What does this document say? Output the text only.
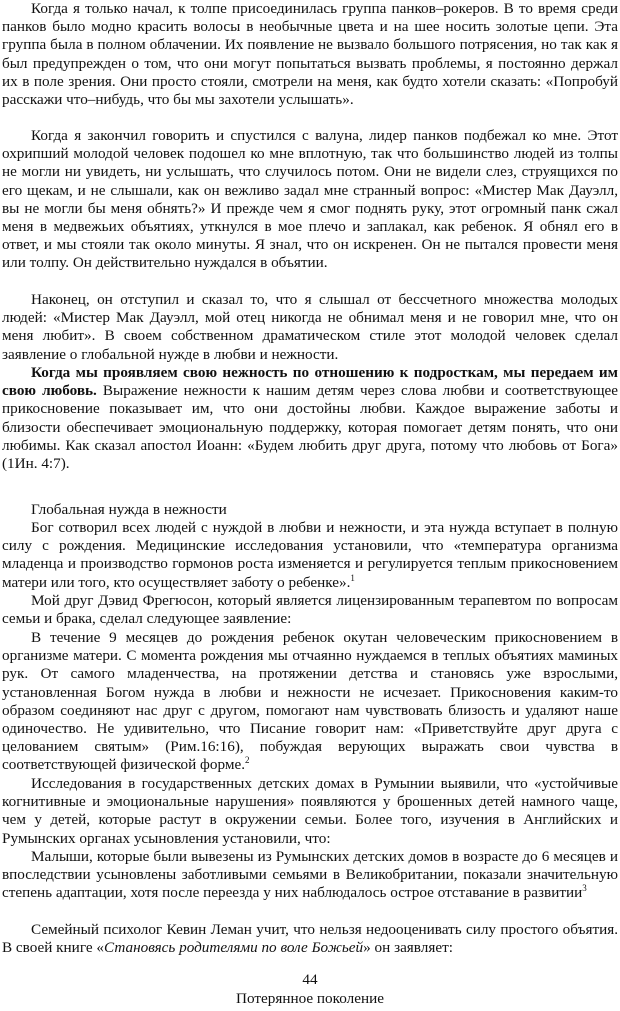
Когда я только начал, к толпе присоединилась группа панков–рокеров. В то время среди панков было модно красить волосы в необычные цвета и на шее носить золотые цепи. Эта группа была в полном облачении. Их появление не вызвало большого потрясения, но так как я был предупрежден о том, что они могут попытаться вызвать проблемы, я постоянно держал их в поле зрения. Они просто стояли, смотрели на меня, как будто хотели сказать: «Попробуй расскажи что–нибудь, что бы мы захотели услышать».

Когда я закончил говорить и спустился с валуна, лидер панков подбежал ко мне. Этот охрипший молодой человек подошел ко мне вплотную, так что большинство людей из толпы не могли ни увидеть, ни услышать, что случилось потом. Они не видели слез, струящихся по его щекам, и не слышали, как он вежливо задал мне странный вопрос: «Мистер Мак Дауэлл, вы не могли бы меня обнять?» И прежде чем я смог поднять руку, этот огромный панк сжал меня в медвежьих объятиях, уткнулся в мое плечо и заплакал, как ребенок. Я обнял его в ответ, и мы стояли так около минуты. Я знал, что он искренен. Он не пытался провести меня или толпу. Он действительно нуждался в объятии.

Наконец, он отступил и сказал то, что я слышал от бессчетного множества молодых людей: «Мистер Мак Дауэлл, мой отец никогда не обнимал меня и не говорил мне, что он меня любит». В своем собственном драматическом стиле этот молодой человек сделал заявление о глобальной нужде в любви и нежности.

Когда мы проявляем свою нежность по отношению к подросткам, мы передаем им свою любовь. Выражение нежности к нашим детям через слова любви и соответствующее прикосновение показывает им, что они достойны любви. Каждое выражение заботы и близости обеспечивает эмоциональную поддержку, которая помогает детям понять, что они любимы. Как сказал апостол Иоанн: «Будем любить друг друга, потому что любовь от Бога» (1Ин. 4:7).

Глобальная нужда в нежности

Бог сотворил всех людей с нуждой в любви и нежности, и эта нужда вступает в полную силу с рождения. Медицинские исследования установили, что «температура организма младенца и производство гормонов роста изменяется и регулируется теплым прикосновением матери или того, кто осуществляет заботу о ребенке».$^1$

Мой друг Дэвид Фрегюсон, который является лицензированным терапевтом по вопросам семьи и брака, сделал следующее заявление:

В течение 9 месяцев до рождения ребенок окутан человеческим прикосновением в организме матери. С момента рождения мы отчаянно нуждаемся в теплых объятиях маминых рук. От самого младенчества, на протяжении детства и становясь уже взрослыми, установленная Богом нужда в любви и нежности не исчезает. Прикосновения каким-то образом соединяют нас друг с другом, помогают нам чувствовать близость и удаляют наше одиночество. Не удивительно, что Писание говорит нам: «Приветствуйте друг друга с целованием святым» (Рим.16:16), побуждая верующих выражать свои чувства в соответствующей физической форме.$^2$

Исследования в государственных детских домах в Румынии выявили, что «устойчивые когнитивные и эмоциональные нарушения» появляются у брошенных детей намного чаще, чем у детей, которые растут в окружении семьи. Более того, изучения в Английских и Румынских органах усыновления установили, что:

Малыши, которые были вывезены из Румынских детских домов в возрасте до 6 месяцев и впоследствии усыновлены заботливыми семьями в Великобритании, показали значительную степень адаптации, хотя после переезда у них наблюдалось острое отставание в развитии$^3$

Семейный психолог Кевин Леман учит, что нельзя недооценивать силу простого объятия. В своей книге «Становясь родителями по воле Божьей» он заявляет:

44

Потерянное поколение
